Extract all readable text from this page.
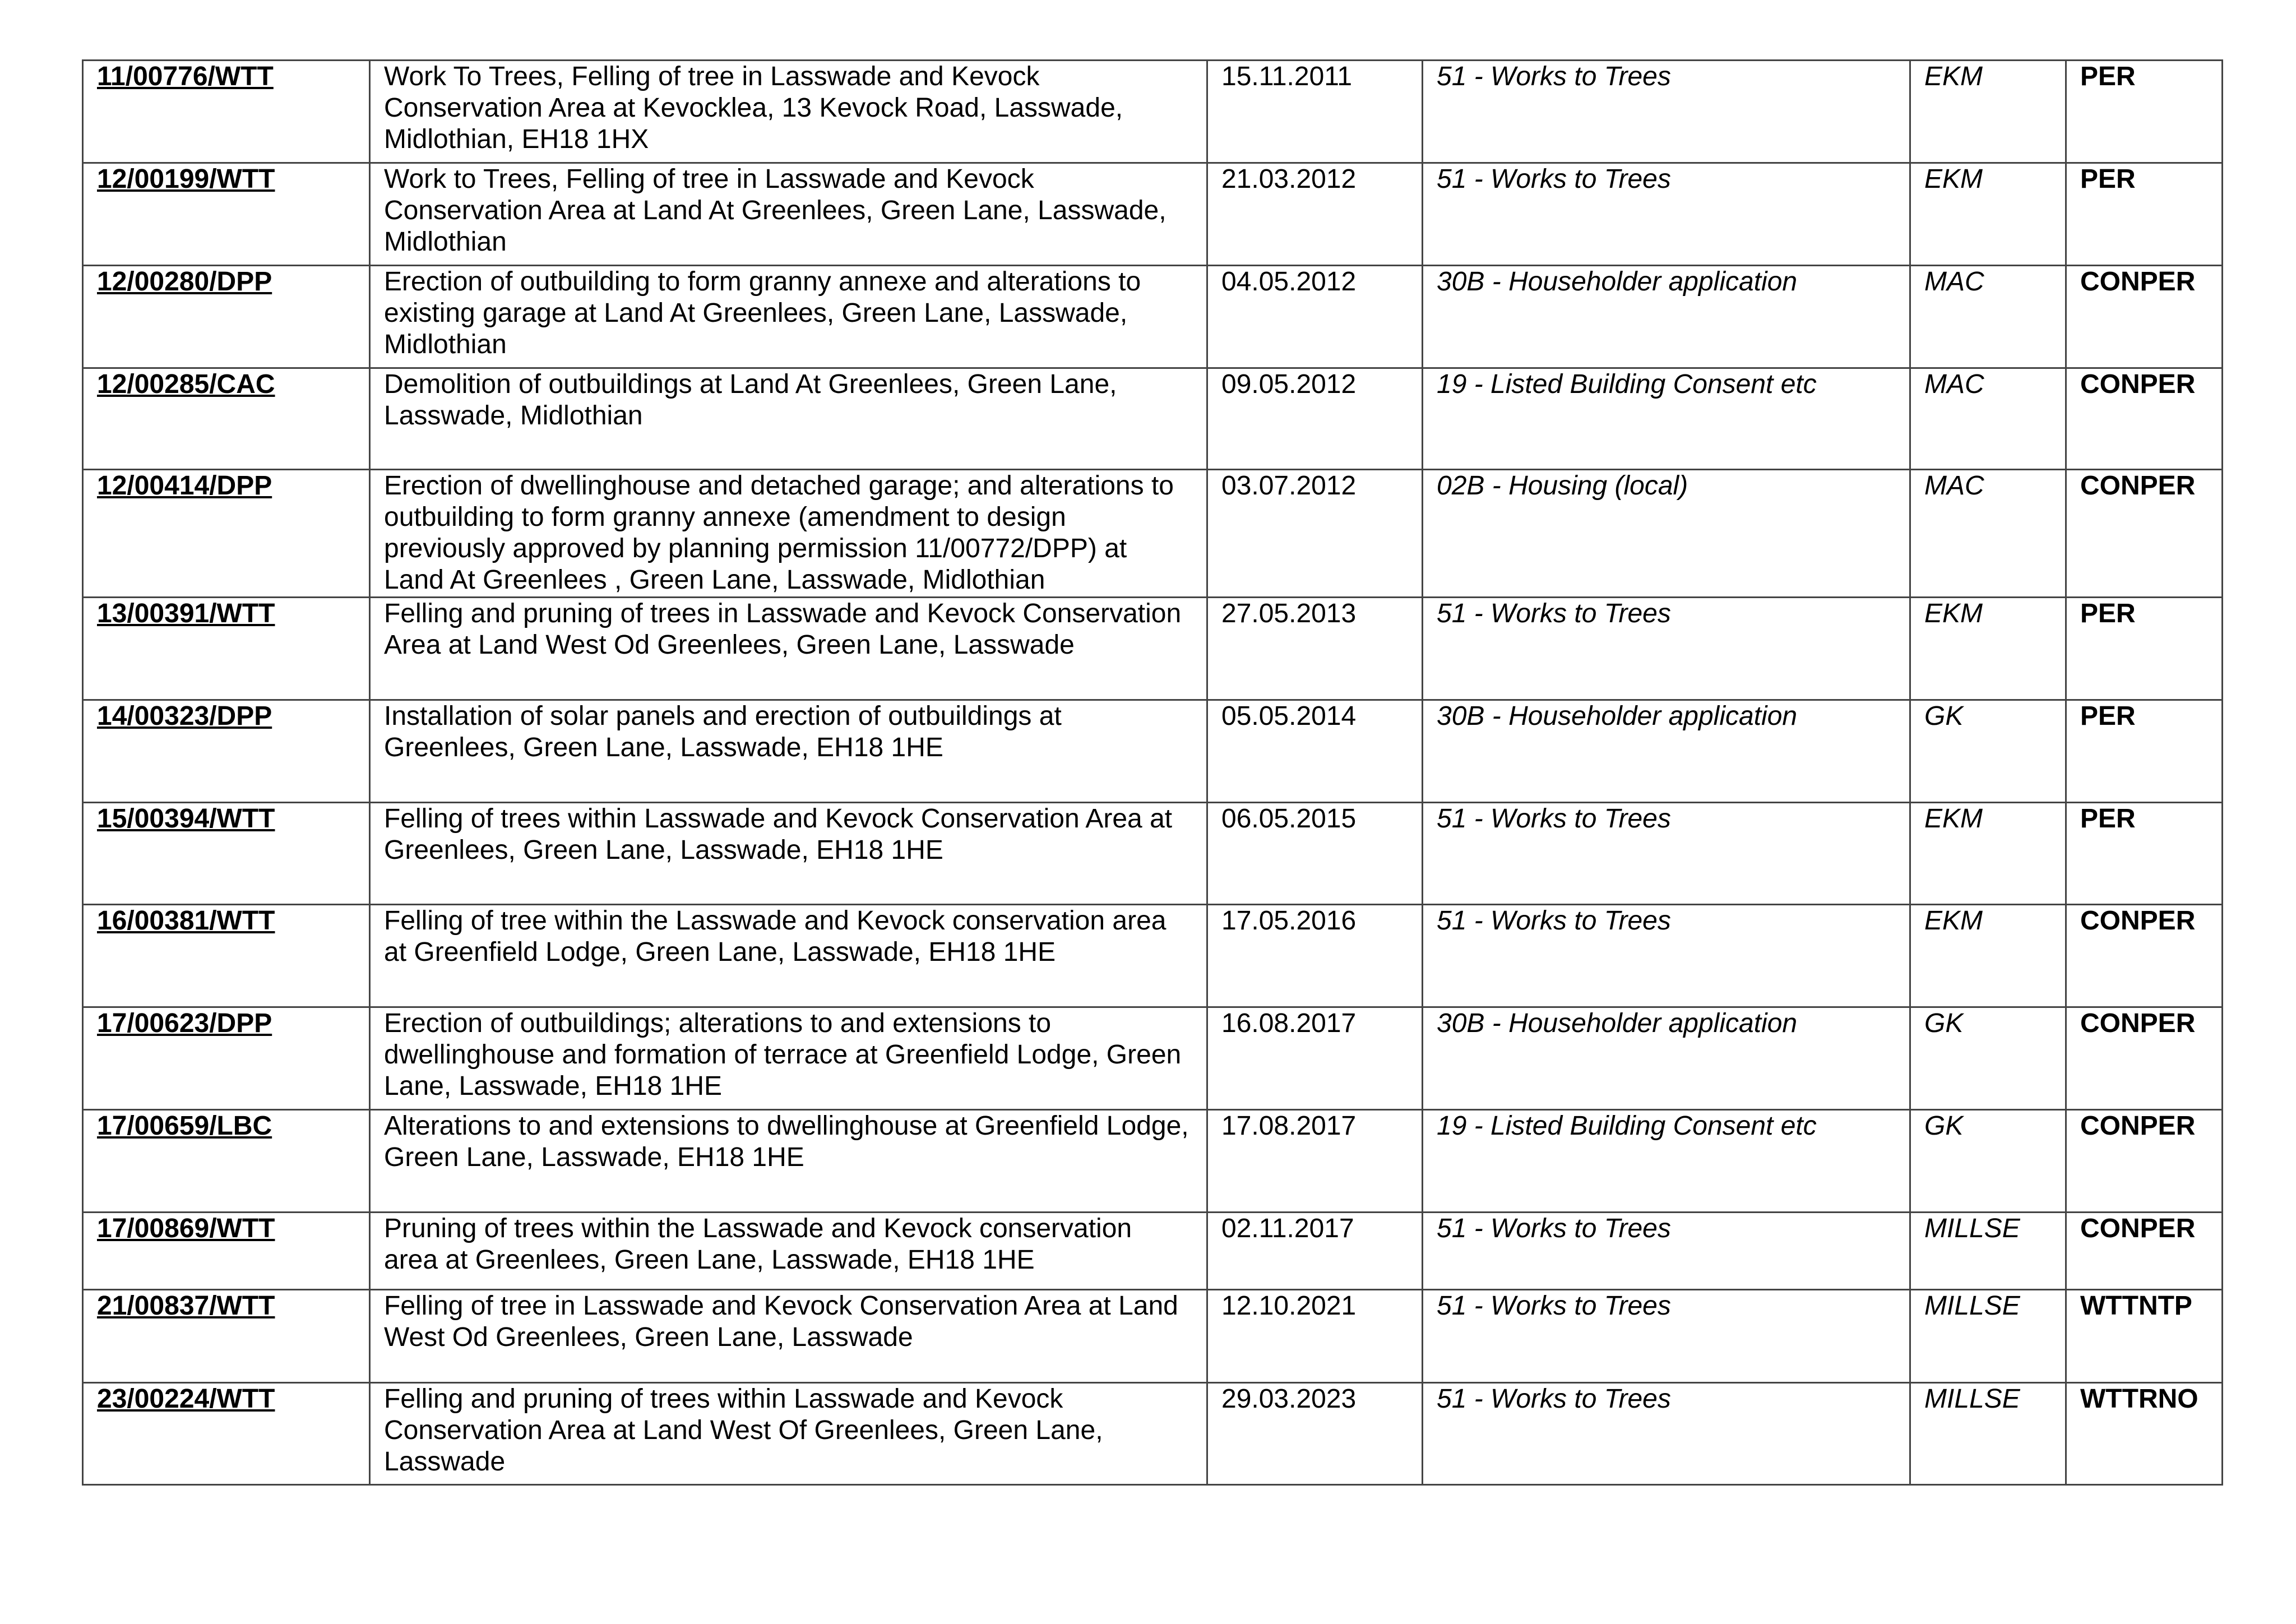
11/00776/WTT	Work To Trees, Felling of tree in Lasswade and Kevock Conservation Area at Kevocklea, 13 Kevock Road, Lasswade, Midlothian, EH18 1HX	15.11.2011	51 - Works to Trees	EKM	PER
12/00199/WTT	Work to Trees, Felling of tree in Lasswade and Kevock Conservation Area at Land At Greenlees, Green Lane, Lasswade, Midlothian	21.03.2012	51 - Works to Trees	EKM	PER
12/00280/DPP	Erection of outbuilding to form granny annexe and alterations to existing garage at Land At Greenlees, Green Lane, Lasswade, Midlothian	04.05.2012	30B - Householder application	MAC	CONPER
12/00285/CAC	Demolition of outbuildings at Land At Greenlees, Green Lane, Lasswade, Midlothian	09.05.2012	19 - Listed Building Consent etc	MAC	CONPER
12/00414/DPP	Erection of dwellinghouse and detached garage; and alterations to outbuilding to form granny annexe (amendment to design previously approved by planning permission 11/00772/DPP) at Land At Greenlees , Green Lane, Lasswade, Midlothian	03.07.2012	02B - Housing (local)	MAC	CONPER
13/00391/WTT	Felling and pruning of trees in Lasswade and Kevock Conservation Area at Land West Od Greenlees, Green Lane, Lasswade	27.05.2013	51 - Works to Trees	EKM	PER
14/00323/DPP	Installation of solar panels and erection of outbuildings at Greenlees, Green Lane, Lasswade, EH18 1HE	05.05.2014	30B - Householder application	GK	PER
15/00394/WTT	Felling of trees within Lasswade and Kevock Conservation Area at Greenlees, Green Lane, Lasswade, EH18 1HE	06.05.2015	51 - Works to Trees	EKM	PER
16/00381/WTT	Felling of tree within the Lasswade and Kevock conservation area at Greenfield Lodge, Green Lane, Lasswade, EH18 1HE	17.05.2016	51 - Works to Trees	EKM	CONPER
17/00623/DPP	Erection of outbuildings; alterations to and extensions to dwellinghouse and formation of terrace at Greenfield Lodge, Green Lane, Lasswade, EH18 1HE	16.08.2017	30B - Householder application	GK	CONPER
17/00659/LBC	Alterations to and extensions to dwellinghouse at Greenfield Lodge, Green Lane, Lasswade, EH18 1HE	17.08.2017	19 - Listed Building Consent etc	GK	CONPER
17/00869/WTT	Pruning of trees within the Lasswade and Kevock conservation area at Greenlees, Green Lane, Lasswade, EH18 1HE	02.11.2017	51 - Works to Trees	MILLSE	CONPER
21/00837/WTT	Felling of tree in Lasswade and Kevock Conservation Area at Land West Od Greenlees, Green Lane, Lasswade	12.10.2021	51 - Works to Trees	MILLSE	WTTNTP
23/00224/WTT	Felling and pruning of trees within Lasswade and Kevock Conservation Area at Land West Of Greenlees, Green Lane, Lasswade	29.03.2023	51 - Works to Trees	MILLSE	WTTRNO
